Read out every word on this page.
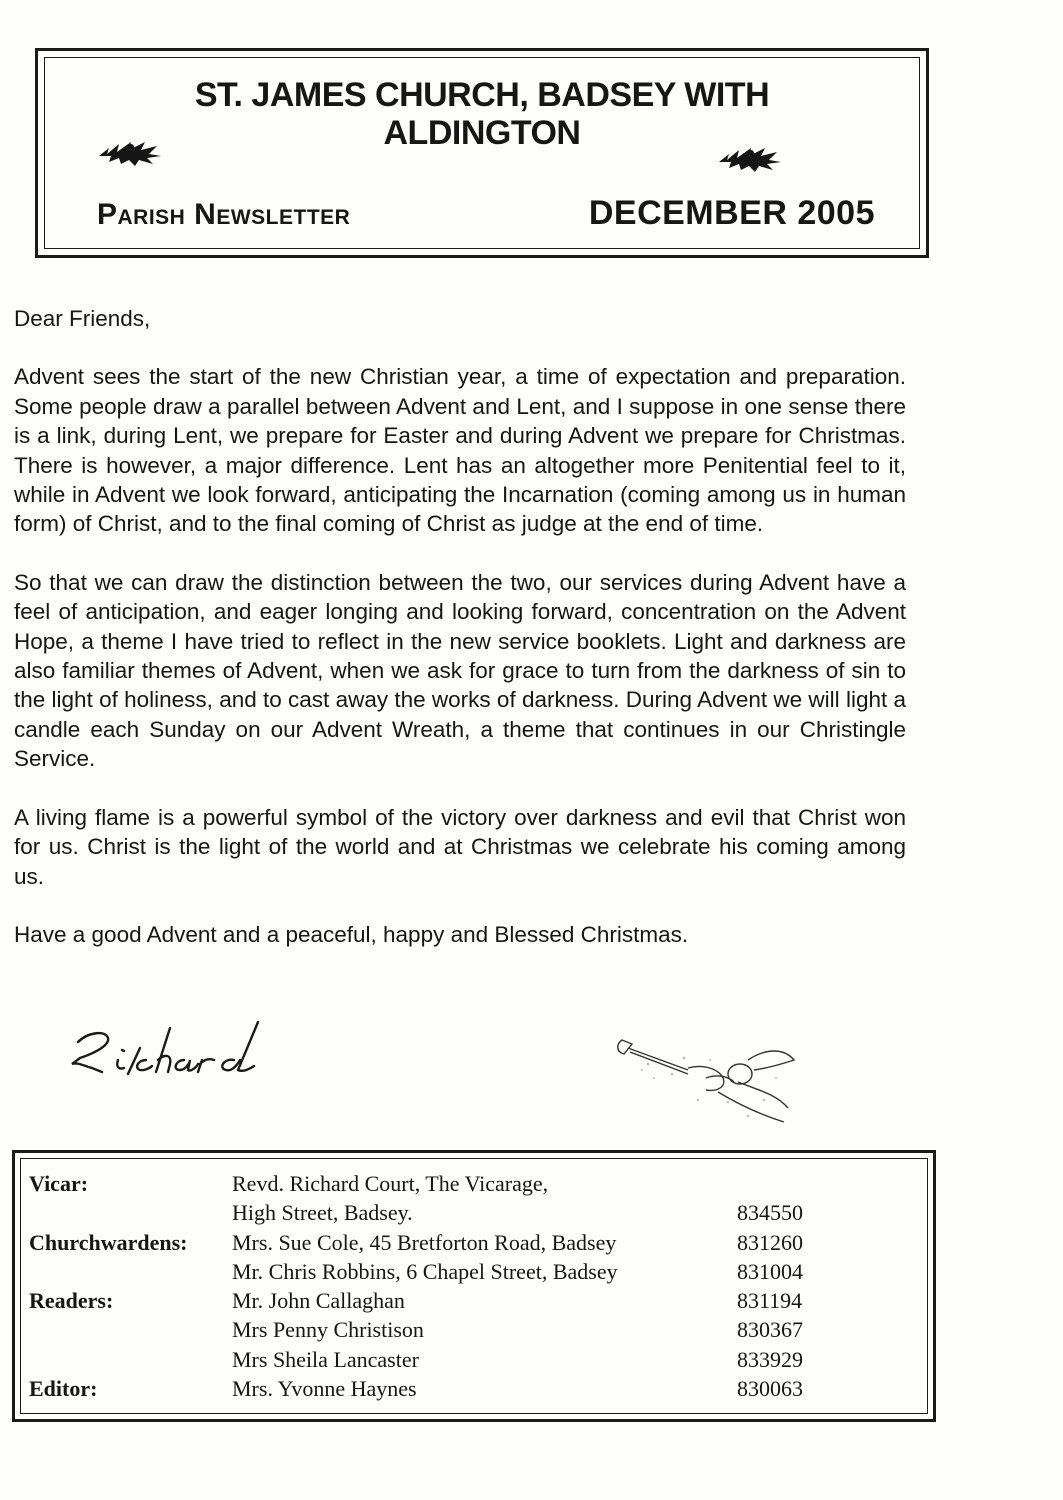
ST. JAMES CHURCH, BADSEY WITH
ALDINGTON
Parish Newsletter	DECEMBER 2005

Dear Friends,

Advent sees the start of the new Christian year, a time of expectation and preparation. Some people draw a parallel between Advent and Lent, and I suppose in one sense there is a link, during Lent, we prepare for Easter and during Advent we prepare for Christmas. There is however, a major difference. Lent has an altogether more Penitential feel to it, while in Advent we look forward, anticipating the Incarnation (coming among us in human form) of Christ, and to the final coming of Christ as judge at the end of time.

So that we can draw the distinction between the two, our services during Advent have a feel of anticipation, and eager longing and looking forward, concentration on the Advent Hope, a theme I have tried to reflect in the new service booklets. Light and darkness are also familiar themes of Advent, when we ask for grace to turn from the darkness of sin to the light of holiness, and to cast away the works of darkness. During Advent we will light a candle each Sunday on our Advent Wreath, a theme that continues in our Christingle Service.

A living flame is a powerful symbol of the victory over darkness and evil that Christ won for us. Christ is the light of the world and at Christmas we celebrate his coming among us.

Have a good Advent and a peaceful, happy and Blessed Christmas.

Vicar:	Revd. Richard Court, The Vicarage,	
	High Street, Badsey.	834550
Churchwardens:	Mrs. Sue Cole, 45 Bretforton Road, Badsey	831260
	Mr. Chris Robbins, 6 Chapel Street, Badsey	831004
Readers:	Mr. John Callaghan	831194
	Mrs Penny Christison	830367
	Mrs Sheila Lancaster	833929
Editor:	Mrs. Yvonne Haynes	830063
